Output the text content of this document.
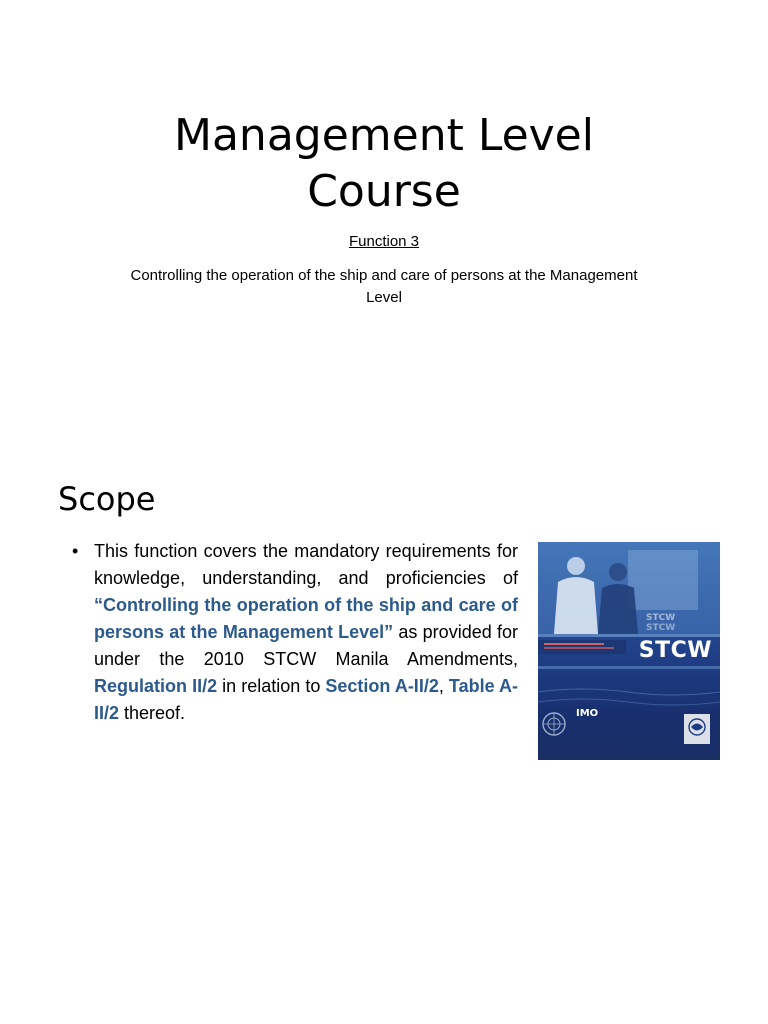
Management Level
Course

Function 3

Controlling the operation of the ship and care of persons at the Management Level

Scope
• This function covers the mandatory requirements for knowledge, understanding, and proficiencies of “Controlling the operation of the ship and care of persons at the Management Level” as provided for under the 2010 STCW Manila Amendments, Regulation II/2 in relation to Section A-II/2, Table A-II/2 thereof.
STCW
STCW
STCW
IMO
